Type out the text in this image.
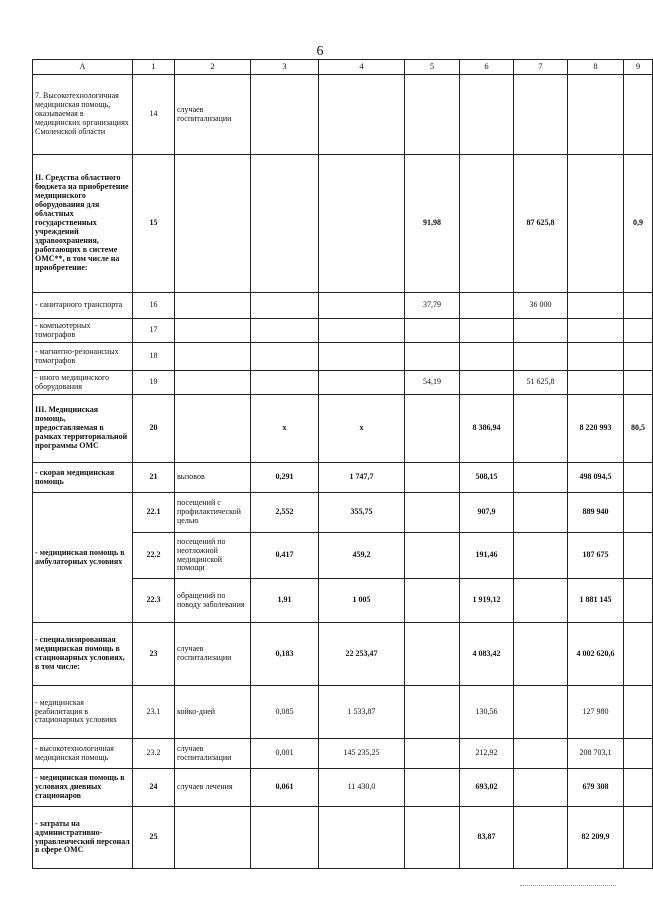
6
А	1	2	3	4	5	6	7	8	9
7. Высокотехнологичная медицинская помощь, оказываемая в медицинских организациях Смоленской области	14	случаев госпитализации							
II. Средства областного бюджета на приобретение медицинского оборудования для областных государственных учреждений здравоохранения, работающих в системе ОМС**, в том числе на приобретение:	15				91,98		87 625,8		0,9
- санитарного транспорта	16				37,79		36 000		
- компьютерных томографов	17								
- магнитно-резонансных томографов	18								
- иного медицинского оборудования	19				54,19		51 625,8		
III. Медицинская помощь, предоставляемая в рамках территориальной программы ОМС	20		х	х		8 386,94		8 220 993	80,5
- скорая медицинская помощь	21	вызовов	0,291	1 747,7		508,15		498 094,5	
- медицинская помощь в амбулаторных условиях	22.1	посещений с профилактической целью	2,552	355,75		907,9		889 940	
	22.2	посещений по неотложной медицинской помощи	0,417	459,2		191,46		187 675	
	22.3	обращений по поводу заболевания	1,91	1 005		1 919,12		1 881 145	
- специализированная медицинская помощь в стационарных условиях, в том числе:	23	случаев госпитализации	0,183	22 253,47		4 083,42		4 002 620,6	
- медицинская реабилитация в стационарных условиях	23.1	койко-дней	0,085	1 533,87		130,56		127 980	
- высокотехнологичная медицинская помощь	23.2	случаев госпитализации	0,001	145 235,25		212,92		208 703,1	
- медицинская помощь в условиях дневных стационаров	24	случаев лечения	0,061	11 430,0		693,02		679 308	
- затраты на административно-управленческий персонал в сфере ОМС	25					83,87		82 209,9	
